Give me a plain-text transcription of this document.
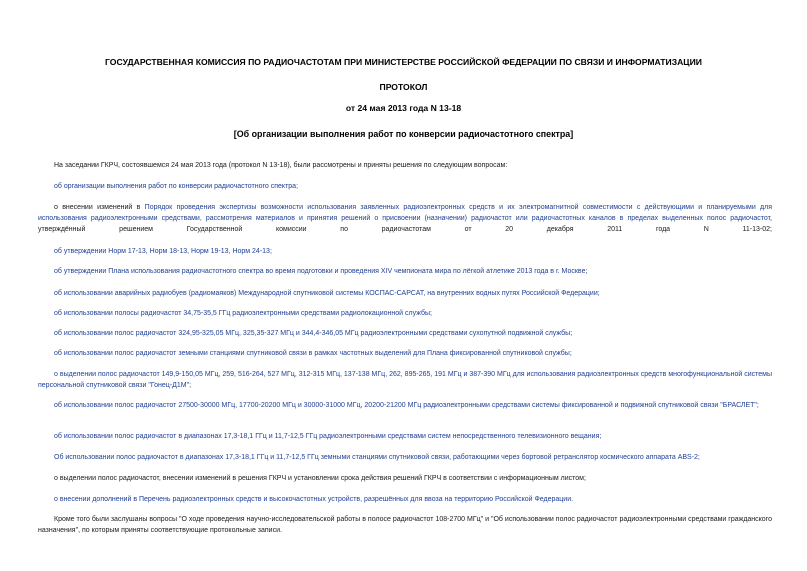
ГОСУДАРСТВЕННАЯ КОМИССИЯ ПО РАДИОЧАСТОТАМ ПРИ МИНИСТЕРСТВЕ РОССИЙСКОЙ ФЕДЕРАЦИИ ПО СВЯЗИ И ИНФОРМАТИЗАЦИИ
ПРОТОКОЛ
от 24 мая 2013 года N 13-18
[Об организации выполнения работ по конверсии радиочастотного спектра]
На заседании ГКРЧ, состоявшемся 24 мая 2013 года (протокол N 13-18), были рассмотрены и приняты решения по следующим вопросам:
об организации выполнения работ по конверсии радиочастотного спектра;
о внесении изменений в Порядок проведения экспертизы возможности использования заявленных радиоэлектронных средств и их электромагнитной совместимости с действующими и планируемыми для использования радиоэлектронными средствами, рассмотрения материалов и принятия решений о присвоении (назначении) радиочастот или радиочастотных каналов в пределах выделенных полос радиочастот, утверждённый решением Государственной комиссии по радиочастотам от 20 декабря 2011 года N 11-13-02;
об утверждении Норм 17-13, Норм 18-13, Норм 19-13, Норм 24-13;
об утверждении Плана использования радиочастотного спектра во время подготовки и проведения XIV чемпионата мира по лёгкой атлетике 2013 года в г. Москве;
об использовании аварийных радиобуев (радиомаяков) Международной спутниковой системы КОСПАС-САРСАТ, на внутренних водных путях Российской Федерации;
об использовании полосы радиочастот 34,75-35,5 ГГц радиоэлектронными средствами радиолокационной службы;
об использовании полос радиочастот 324,95-325,05 МГц, 325,35-327 МГц и 344,4-346,05 МГц радиоэлектронными средствами сухопутной подвижной службы;
об использовании полос радиочастот земными станциями спутниковой связи в рамках частотных выделений для Плана фиксированной спутниковой службы;
о выделении полос радиочастот 149,9-150,05 МГц, 259, 516-264, 527 МГц, 312-315 МГц, 137-138 МГц, 262, 895-265, 191 МГц и 387-390 МГц для использования радиоэлектронных средств многофункциональной системы персональной спутниковой связи "Гонец-Д1М";
об использовании полос радиочастот 27500-30000 МГц, 17700-20200 МГц и 30000-31000 МГц, 20200-21200 МГц радиоэлектронными средствами системы фиксированной и подвижной спутниковой связи "БРАСЛЕТ";
об использовании полос радиочастот в диапазонах 17,3-18,1 ГГц и 11,7-12,5 ГГц радиоэлектронными средствами систем непосредственного телевизионного вещания;
Об использовании полос радиочастот в диапазонах 17,3-18,1 ГГц и 11,7-12,5 ГГц земными станциями спутниковой связи, работающими через бортовой ретранслятор космического аппарата ABS-2;
о выделении полос радиочастот, внесении изменений в решения ГКРЧ и установлении срока действия решений ГКРЧ в соответствии с информационным листом;
о внесении дополнений в Перечень радиоэлектронных средств и высокочастотных устройств, разрешённых для ввоза на территорию Российской Федерации.
Кроме того были заслушаны вопросы "О ходе проведения научно-исследовательской работы в полосе радиочастот 108-2700 МГц" и "Об использовании полос радиочастот радиоэлектронными средствами гражданского назначения", по которым приняты соответствующие протокольные записи.
